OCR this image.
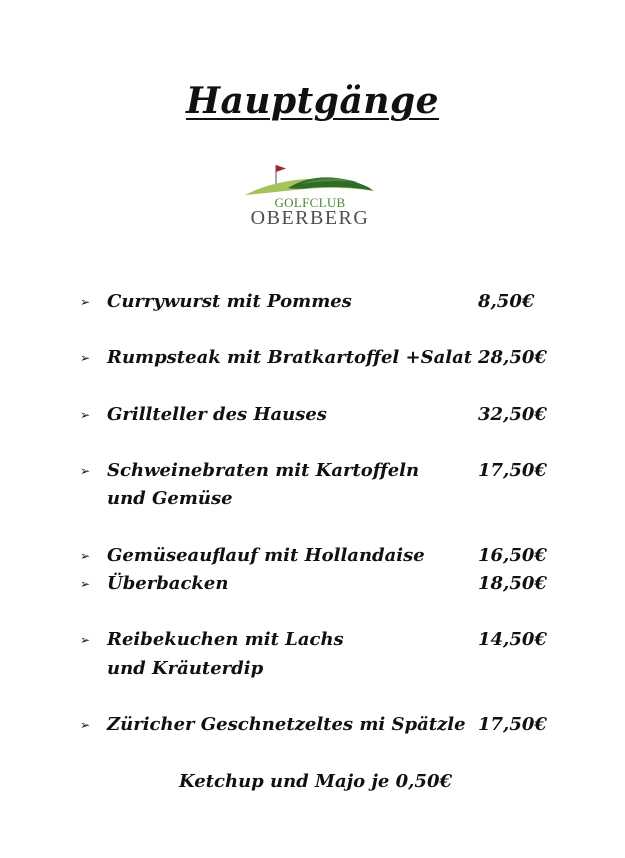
Hauptgänge
GOLFCLUB
OBERBERG
➢ Currywurst mit Pommes	8,50€
➢ Rumpsteak mit Bratkartoffel +Salat 28,50€
➢ Grillteller des Hauses	32,50€
➢ Schweinebraten mit Kartoffeln	17,50€
und Gemüse
➢ Gemüseauflauf mit Hollandaise	16,50€
➢ Überbacken	18,50€
➢ Reibekuchen mit Lachs	14,50€
und Kräuterdip
➢ Züricher Geschnetzeltes mi Spätzle 17,50€
Ketchup und Majo je 0,50€
